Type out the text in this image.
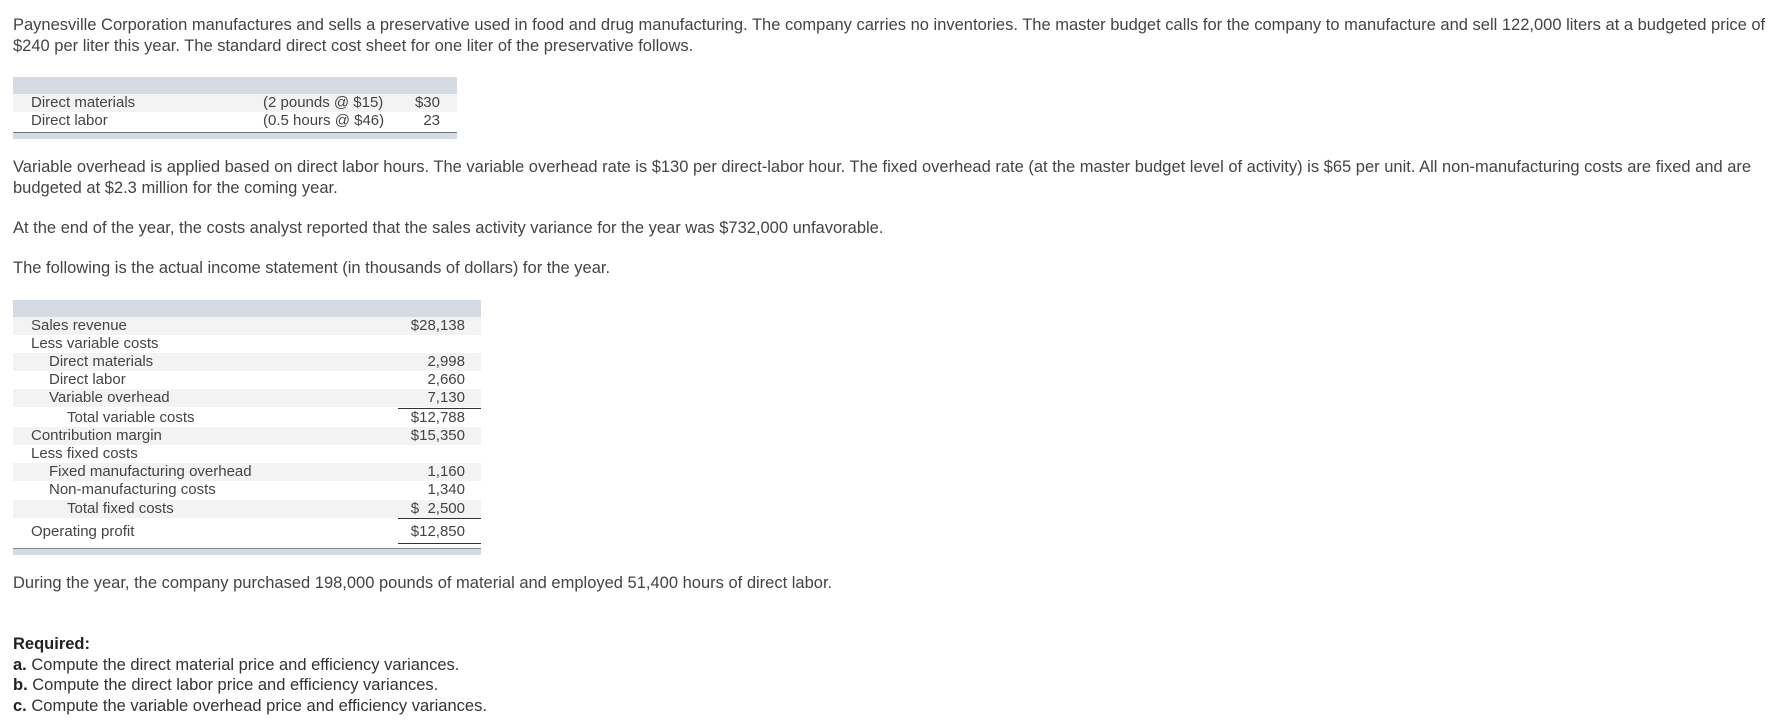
Paynesville Corporation manufactures and sells a preservative used in food and drug manufacturing. The company carries no inventories. The master budget calls for the company to manufacture and sell 122,000 liters at a budgeted price of $240 per liter this year. The standard direct cost sheet for one liter of the preservative follows.

Direct materials	(2 pounds @ $15) $30
Direct labor	(0.5 hours @ $46)	23

Variable overhead is applied based on direct labor hours. The variable overhead rate is $130 per direct-labor hour. The fixed overhead rate (at the master budget level of activity) is $65 per unit. All non-manufacturing costs are fixed and are budgeted at $2.3 million for the coming year.

At the end of the year, the costs analyst reported that the sales activity variance for the year was $732,000 unfavorable.

The following is the actual income statement (in thousands of dollars) for the year.

Sales revenue	$28,138
Less variable costs
Direct materials	2,998
Direct labor	2,660
Variable overhead	7,130
Total variable costs	$12,788
Contribution margin	$15,350
Less fixed costs
Fixed manufacturing overhead	1,160
Non-manufacturing costs	1,340
Total fixed costs	$  2,500
Operating profit	$12,850

During the year, the company purchased 198,000 pounds of material and employed 51,400 hours of direct labor.

Required:
a. Compute the direct material price and efficiency variances.
b. Compute the direct labor price and efficiency variances.
c. Compute the variable overhead price and efficiency variances.
